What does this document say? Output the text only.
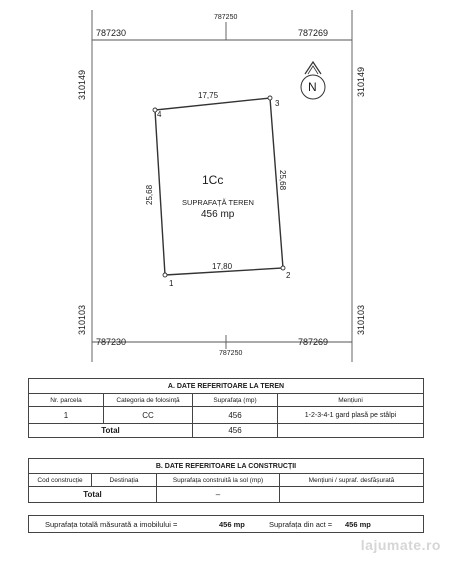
787250
787230	787269
787230
787250
787269
310149
310103
310149
310103
N
1Cc
SUPRAFAȚĂ TEREN
456 mp
17,75
17,80
25,68
25,68
1
2
3
4
A. DATE REFERITOARE LA TEREN			
Nr. parcela	Categoria de folosință	Suprafața (mp)	Mențiuni
1	CC	456	1-2-3-4-1 gard plasă pe stâlpi
Total		456	
B. DATE REFERITOARE LA CONSTRUCȚII			
Cod construcție	Destinația	Suprafața construită la sol (mp)	Mențiuni / supraf. desfășurată
Total		–	
Suprafața totală măsurată a imobilului =	456 mp	Suprafața din act = 456 mp
lajumate.ro
